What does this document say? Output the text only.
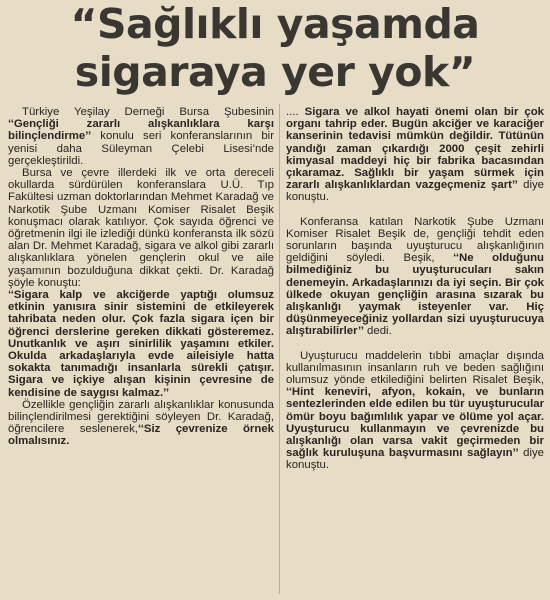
“Sağlıklı yaşamda
sigaraya yer yok”

Türkiye Yeşilay Derneği Bursa Şubesinin ‘‘Gençliği zararlı alışkanlıklara karşı bilinçlendirme’’ konulu seri konferanslarının bir yenisi daha Süleyman Çelebi Lisesi’nde gerçekleştirildi.

Bursa ve çevre illerdeki ilk ve orta dereceli okullarda sürdürülen konferanslara U.Ü. Tıp Fakültesi uzman doktorlarından Mehmet Karadağ ve Narkotik Şube Uzmanı Komiser Risalet Beşik konuşmacı olarak katılıyor. Çok sayıda öğrenci ve öğretmenin ilgi ile izlediği dünkü konferansta ilk sözü alan Dr. Mehmet Karadağ, sigara ve alkol gibi zararlı alışkanlıklara yönelen gençlerin okul ve aile yaşamının bozulduğuna dikkat çekti. Dr. Karadağ şöyle konuştu:

‘‘Sigara kalp ve akciğerde yaptığı olumsuz etkinin yanısıra sinir sistemini de etkileyerek tahribata neden olur. Çok fazla sigara içen bir öğrenci derslerine gereken dikkati gösteremez. Unutkanlık ve aşırı sinirlilik yaşamını etkiler. Okulda arkadaşlarıyla evde aileisiyle hatta sokakta tanımadığı insanlarla sürekli çatışır. Sigara ve içkiye alışan kişinin çevresine de kendisine de saygısı kalmaz.’’

Özellikle gençliğin zararlı alışkanlıklar konusunda bilinçlendirilmesi gerektiğini söyleyen Dr. Karadağ, öğrencilere seslenerek,‘‘Siz çevrenize örnek olmalısınız.

.... Sigara ve alkol hayati önemi olan bir çok organı tahrip eder. Bugün akciğer ve karaciğer kanserinin tedavisi mümkün değildir. Tütünün yandığı zaman çıkardığı 2000 çeşit zehirli kimyasal maddeyi hiç bir fabrika bacasından çıkaramaz. Sağlıklı bir yaşam sürmek için zararlı alışkanlıklardan vazgeçmeniz şart’’ diye konuştu.

Konferansa katılan Narkotik Şube Uzmanı Komiser Risalet Beşik de, gençliği tehdit eden sorunların başında uyuşturucu alışkanlığının geldiğini söyledi. Beşik, ‘‘Ne olduğunu bilmediğiniz bu uyuşturucuları sakın denemeyin. Arkadaşlarınızı da iyi seçin. Bir çok ülkede okuyan gençliğin arasına sızarak bu alışkanlığı yaymak isteyenler var. Hiç düşünmeyeceğiniz yollardan sizi uyuşturucuya alıştırabilirler’’ dedi.

Uyuşturucu maddelerin tıbbi amaçlar dışında kullanılmasının insanların ruh ve beden sağlığını olumsuz yönde etkilediğini belirten Risalet Beşik, ‘‘Hint keneviri, afyon, kokain, ve bunların sentezlerinden elde edilen bu tür uyuşturucular ömür boyu bağımlılık yapar ve ölüme yol açar. Uyuşturucu kullanmayın ve çevrenizde bu alışkanlığı olan varsa vakit geçirmeden bir sağlık kuruluşuna başvurmasını sağlayın’’ diye konuştu.
